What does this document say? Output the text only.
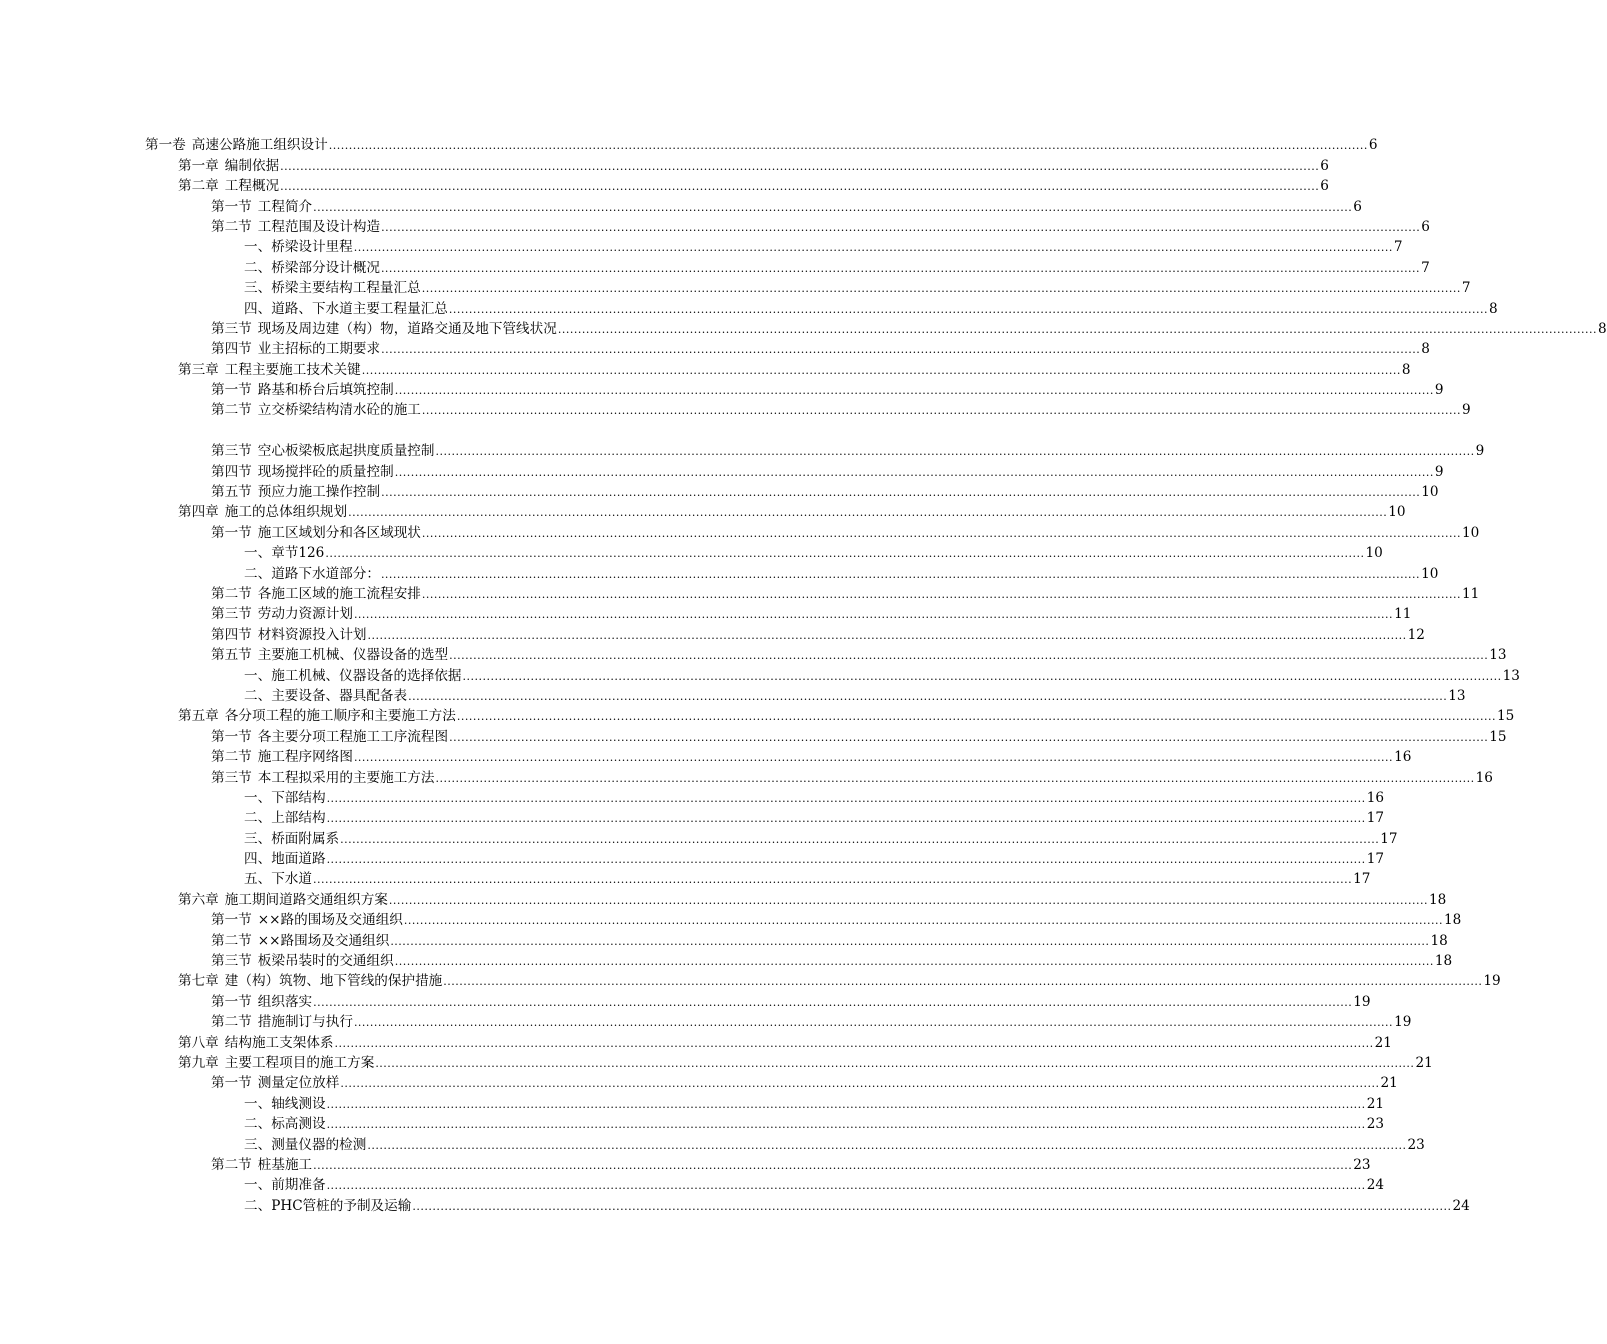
第一卷 高速公路施工组织设计 .................................................................................................................................................................................................................................................................... 6
第一章 编制依据 .................................................................................................................................................................................................................................................................... 6
第二章 工程概况 .................................................................................................................................................................................................................................................................... 6
第一节 工程简介 .................................................................................................................................................................................................................................................................... 6
第二节 工程范围及设计构造 .................................................................................................................................................................................................................................................................... 6
一、 桥梁设计里程 .................................................................................................................................................................................................................................................................... 7
二、 桥梁部分设计概况 .................................................................................................................................................................................................................................................................... 7
三、 桥梁主要结构工程量汇总 .................................................................................................................................................................................................................................................................... 7
四、 道路、下水道主要工程量汇总 .................................................................................................................................................................................................................................................................... 8
第三节 现场及周边建（构）物，道路交通及地下管线状况 .................................................................................................................................................................................................................................................................... 8
第四节 业主招标的工期要求 .................................................................................................................................................................................................................................................................... 8
第三章 工程主要施工技术关键 .................................................................................................................................................................................................................................................................... 8
第一节 路基和桥台后填筑控制 .................................................................................................................................................................................................................................................................... 9
第二节 立交桥梁结构清水砼的施工 .................................................................................................................................................................................................................................................................... 9
第三节 空心板梁板底起拱度质量控制 .................................................................................................................................................................................................................................................................... 9
第四节 现场搅拌砼的质量控制 .................................................................................................................................................................................................................................................................... 9
第五节 预应力施工操作控制 .................................................................................................................................................................................................................................................................... 10
第四章 施工的总体组织规划 .................................................................................................................................................................................................................................................................... 10
第一节 施工区域划分和各区域现状 .................................................................................................................................................................................................................................................................... 10
一、 章节126 .................................................................................................................................................................................................................................................................... 10
二、 道路下水道部分： .................................................................................................................................................................................................................................................................... 10
第二节 各施工区域的施工流程安排 .................................................................................................................................................................................................................................................................... 11
第三节 劳动力资源计划 .................................................................................................................................................................................................................................................................... 11
第四节 材料资源投入计划 .................................................................................................................................................................................................................................................................... 12
第五节 主要施工机械、仪器设备的选型 .................................................................................................................................................................................................................................................................... 13
一、 施工机械、仪器设备的选择依据 .................................................................................................................................................................................................................................................................... 13
二、 主要设备、器具配备表 .................................................................................................................................................................................................................................................................... 13
第五章 各分项工程的施工顺序和主要施工方法 .................................................................................................................................................................................................................................................................... 15
第一节 各主要分项工程施工工序流程图 .................................................................................................................................................................................................................................................................... 15
第二节 施工程序网络图 .................................................................................................................................................................................................................................................................... 16
第三节 本工程拟采用的主要施工方法 .................................................................................................................................................................................................................................................................... 16
一、 下部结构 .................................................................................................................................................................................................................................................................... 16
二、 上部结构 .................................................................................................................................................................................................................................................................... 17
三、 桥面附属系 .................................................................................................................................................................................................................................................................... 17
四、 地面道路 .................................................................................................................................................................................................................................................................... 17
五、 下水道 .................................................................................................................................................................................................................................................................... 17
第六章 施工期间道路交通组织方案 .................................................................................................................................................................................................................................................................... 18
第一节 ××路的围场及交通组织 .................................................................................................................................................................................................................................................................... 18
第二节 ××路围场及交通组织 .................................................................................................................................................................................................................................................................... 18
第三节 板梁吊装时的交通组织 .................................................................................................................................................................................................................................................................... 18
第七章 建（构）筑物、地下管线的保护措施 .................................................................................................................................................................................................................................................................... 19
第一节 组织落实 .................................................................................................................................................................................................................................................................... 19
第二节 措施制订与执行 .................................................................................................................................................................................................................................................................... 19
第八章 结构施工支架体系 .................................................................................................................................................................................................................................................................... 21
第九章 主要工程项目的施工方案 .................................................................................................................................................................................................................................................................... 21
第一节 测量定位放样 .................................................................................................................................................................................................................................................................... 21
一、 轴线测设 .................................................................................................................................................................................................................................................................... 21
二、 标高测设 .................................................................................................................................................................................................................................................................... 23
三、 测量仪器的检测 .................................................................................................................................................................................................................................................................... 23
第二节 桩基施工 .................................................................................................................................................................................................................................................................... 23
一、 前期准备 .................................................................................................................................................................................................................................................................... 24
二、 PHC管桩的予制及运输 .................................................................................................................................................................................................................................................................... 24
